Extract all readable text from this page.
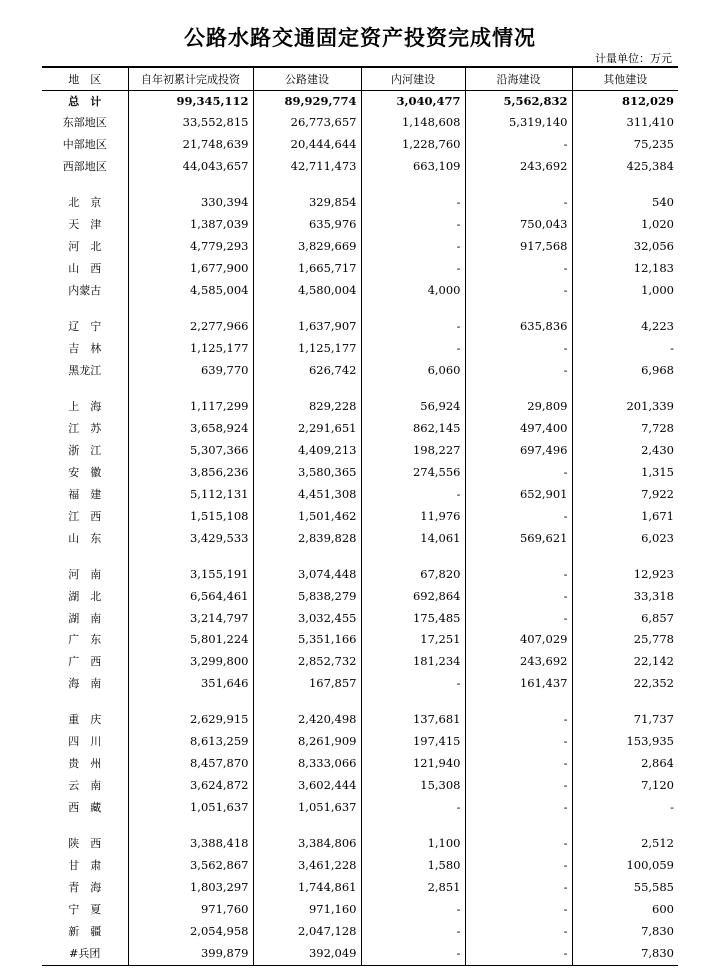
公路水路交通固定资产投资完成情况
计量单位：万元
地　区	自年初累计完成投资	公路建设	内河建设	沿海建设	其他建设
总　计	99,345,112	89,929,774	3,040,477	5,562,832	812,029
东部地区	33,552,815	26,773,657	1,148,608	5,319,140	311,410
中部地区	21,748,639	20,444,644	1,228,760	-	75,235
西部地区	44,043,657	42,711,473	663,109	243,692	425,384

北　京	330,394	329,854	-	-	540
天　津	1,387,039	635,976	-	750,043	1,020
河　北	4,779,293	3,829,669	-	917,568	32,056
山　西	1,677,900	1,665,717	-	-	12,183
内蒙古	4,585,004	4,580,004	4,000	-	1,000

辽　宁	2,277,966	1,637,907	-	635,836	4,223
吉　林	1,125,177	1,125,177	-	-	-
黑龙江	639,770	626,742	6,060	-	6,968

上　海	1,117,299	829,228	56,924	29,809	201,339
江　苏	3,658,924	2,291,651	862,145	497,400	7,728
浙　江	5,307,366	4,409,213	198,227	697,496	2,430
安　徽	3,856,236	3,580,365	274,556	-	1,315
福　建	5,112,131	4,451,308	-	652,901	7,922
江　西	1,515,108	1,501,462	11,976	-	1,671
山　东	3,429,533	2,839,828	14,061	569,621	6,023

河　南	3,155,191	3,074,448	67,820	-	12,923
湖　北	6,564,461	5,838,279	692,864	-	33,318
湖　南	3,214,797	3,032,455	175,485	-	6,857
广　东	5,801,224	5,351,166	17,251	407,029	25,778
广　西	3,299,800	2,852,732	181,234	243,692	22,142
海　南	351,646	167,857	-	161,437	22,352

重　庆	2,629,915	2,420,498	137,681	-	71,737
四　川	8,613,259	8,261,909	197,415	-	153,935
贵　州	8,457,870	8,333,066	121,940	-	2,864
云　南	3,624,872	3,602,444	15,308	-	7,120
西　藏	1,051,637	1,051,637	-	-	-

陕　西	3,388,418	3,384,806	1,100	-	2,512
甘　肃	3,562,867	3,461,228	1,580	-	100,059
青　海	1,803,297	1,744,861	2,851	-	55,585
宁　夏	971,760	971,160	-	-	600
新　疆	2,054,958	2,047,128	-	-	7,830
#兵团	399,879	392,049	-	-	7,830
